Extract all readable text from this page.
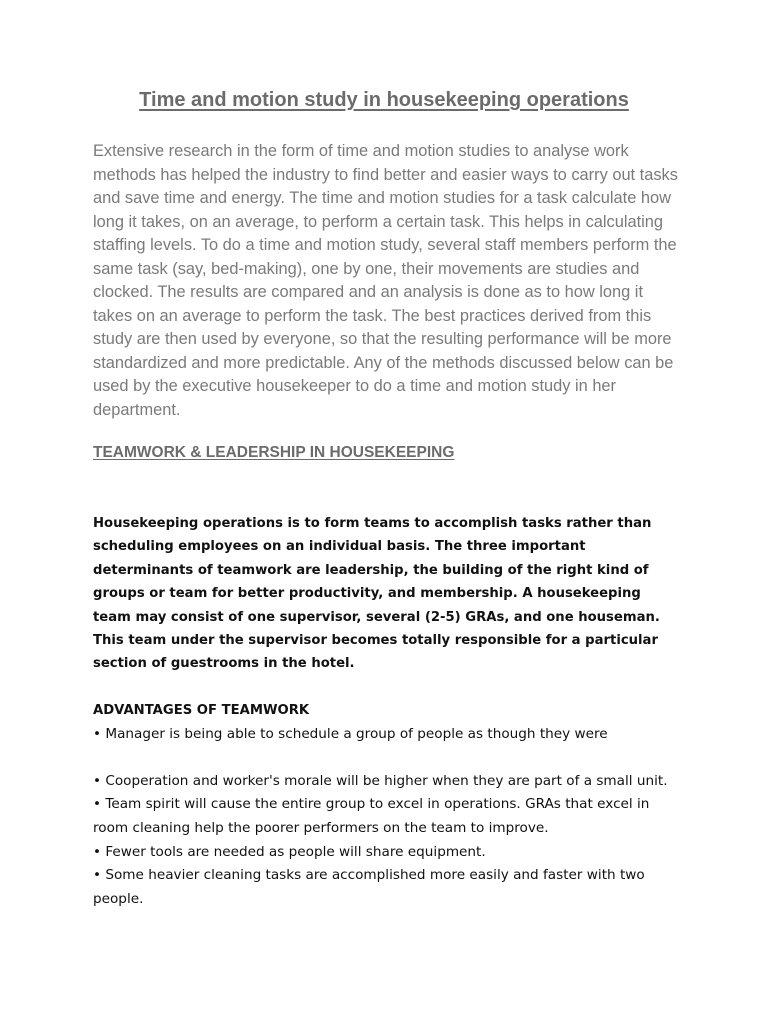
Time and motion study in housekeeping operations

Extensive research in the form of time and motion studies to analyse work methods has helped the industry to find better and easier ways to carry out tasks and save time and energy. The time and motion studies for a task calculate how long it takes, on an average, to perform a certain task. This helps in calculating staffing levels. To do a time and motion study, several staff members perform the same task (say, bed-making), one by one, their movements are studies and clocked. The results are compared and an analysis is done as to how long it takes on an average to perform the task. The best practices derived from this study are then used by everyone, so that the resulting performance will be more standardized and more predictable. Any of the methods discussed below can be used by the executive housekeeper to do a time and motion study in her department.

TEAMWORK & LEADERSHIP IN HOUSEKEEPING

Housekeeping operations is to form teams to accomplish tasks rather than scheduling employees on an individual basis. The three important determinants of teamwork are leadership, the building of the right kind of groups or team for better productivity, and membership. A housekeeping team may consist of one supervisor, several (2-5) GRAs, and one houseman. This team under the supervisor becomes totally responsible for a particular section of guestrooms in the hotel.

ADVANTAGES OF TEAMWORK

• Manager is being able to schedule a group of people as though they were

• Cooperation and worker's morale will be higher when they are part of a small unit.

• Team spirit will cause the entire group to excel in operations. GRAs that excel in room cleaning help the poorer performers on the team to improve.

• Fewer tools are needed as people will share equipment.

• Some heavier cleaning tasks are accomplished more easily and faster with two people.
